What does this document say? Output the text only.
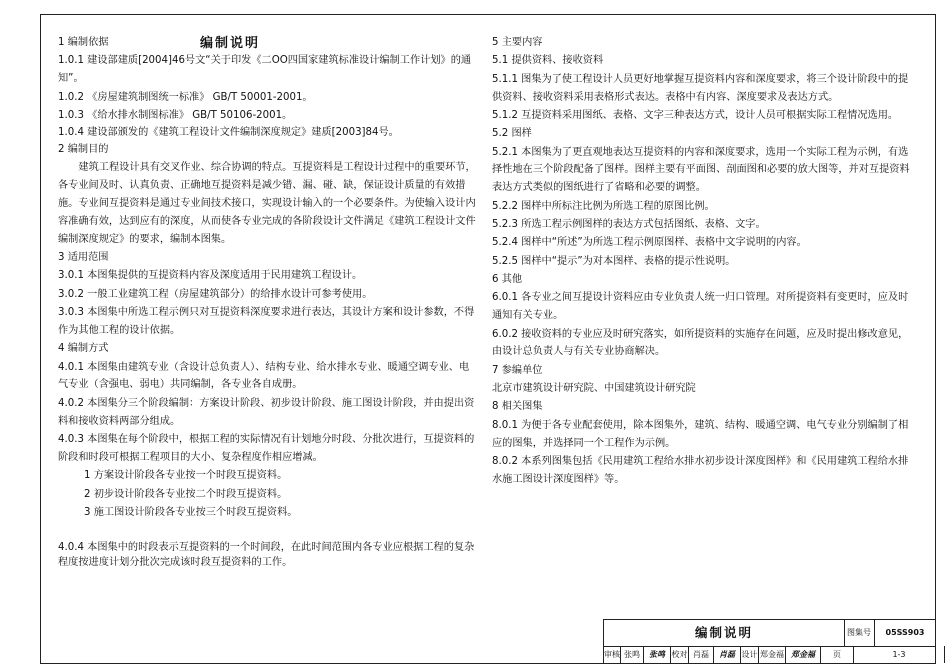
编制说明
1 编制依据
1.0.1 建设部建质[2004]46号文“关于印发《二OO四国家建筑标准设计编制工作计划》的通知”。
1.0.2 《房屋建筑制图统一标准》 GB/T 50001-2001。
1.0.3 《给水排水制图标准》 GB/T 50106-2001。
1.0.4 建设部颁发的《建筑工程设计文件编制深度规定》建质[2003]84号。
2 编制目的
建筑工程设计具有交叉作业、综合协调的特点。互提资料是工程设计过程中的重要环节，各专业间及时、认真负责、正确地互提资料是减少错、漏、碰、缺，保证设计质量的有效措施。专业间互提资料是通过专业间技术接口，实现设计输入的一个必要条件。为使输入设计内容准确有效，达到应有的深度，从而使各专业完成的各阶段设计文件满足《建筑工程设计文件编制深度规定》的要求，编制本图集。
3 适用范围
3.0.1 本图集提供的互提资料内容及深度适用于民用建筑工程设计。
3.0.2 一般工业建筑工程（房屋建筑部分）的给排水设计可参考使用。
3.0.3 本图集中所选工程示例只对互提资料深度要求进行表达，其设计方案和设计参数，不得作为其他工程的设计依据。
4 编制方式
4.0.1 本图集由建筑专业（含设计总负责人）、结构专业、给水排水专业、暖通空调专业、电气专业（含强电、弱电）共同编制，各专业各自成册。
4.0.2 本图集分三个阶段编制：方案设计阶段、初步设计阶段、施工图设计阶段，并由提出资料和接收资料两部分组成。
4.0.3 本图集在每个阶段中，根据工程的实际情况有计划地分时段、分批次进行，互提资料的阶段和时段可根据工程项目的大小、复杂程度作相应增减。
1 方案设计阶段各专业按一个时段互提资料。
2 初步设计阶段各专业按二个时段互提资料。
3 施工图设计阶段各专业按三个时段互提资料。
4.0.4 本图集中的时段表示互提资料的一个时间段，在此时间范围内各专业应根据工程的复杂程度按进度计划分批次完成该时段互提资料的工作。
5 主要内容
5.1 提供资料、接收资料
5.1.1 图集为了使工程设计人员更好地掌握互提资料内容和深度要求，将三个设计阶段中的提供资料、接收资料采用表格形式表达。表格中有内容、深度要求及表达方式。
5.1.2 互提资料采用图纸、表格、文字三种表达方式，设计人员可根据实际工程情况选用。
5.2 图样
5.2.1 本图集为了更直观地表达互提资料的内容和深度要求，选用一个实际工程为示例，有选择性地在三个阶段配备了图样。图样主要有平面图、剖面图和必要的放大图等，并对互提资料表达方式类似的图纸进行了省略和必要的调整。
5.2.2 图样中所标注比例为所选工程的原图比例。
5.2.3 所选工程示例图样的表达方式包括图纸、表格、文字。
5.2.4 图样中“所述”为所选工程示例原图样、表格中文字说明的内容。
5.2.5 图样中“提示”为对本图样、表格的提示性说明。
6 其他
6.0.1 各专业之间互提设计资料应由专业负责人统一归口管理。对所提资料有变更时，应及时通知有关专业。
6.0.2 接收资料的专业应及时研究落实，如所提资料的实施存在问题，应及时提出修改意见，由设计总负责人与有关专业协商解决。
7 参编单位
北京市建筑设计研究院、中国建筑设计研究院
8 相关图集
8.0.1 为便于各专业配套使用，除本图集外，建筑、结构、暖通空调、电气专业分别编制了相应的图集，并选择同一个工程作为示例。
8.0.2 本系列图集包括《民用建筑工程给水排水初步设计深度图样》和《民用建筑工程给水排水施工图设计深度图样》等。
编制说明	图集号	05SS903
审核 张鸣	张鸣 校对 肖磊	肖磊 设计 郑金福 郑金福	页	1-3
